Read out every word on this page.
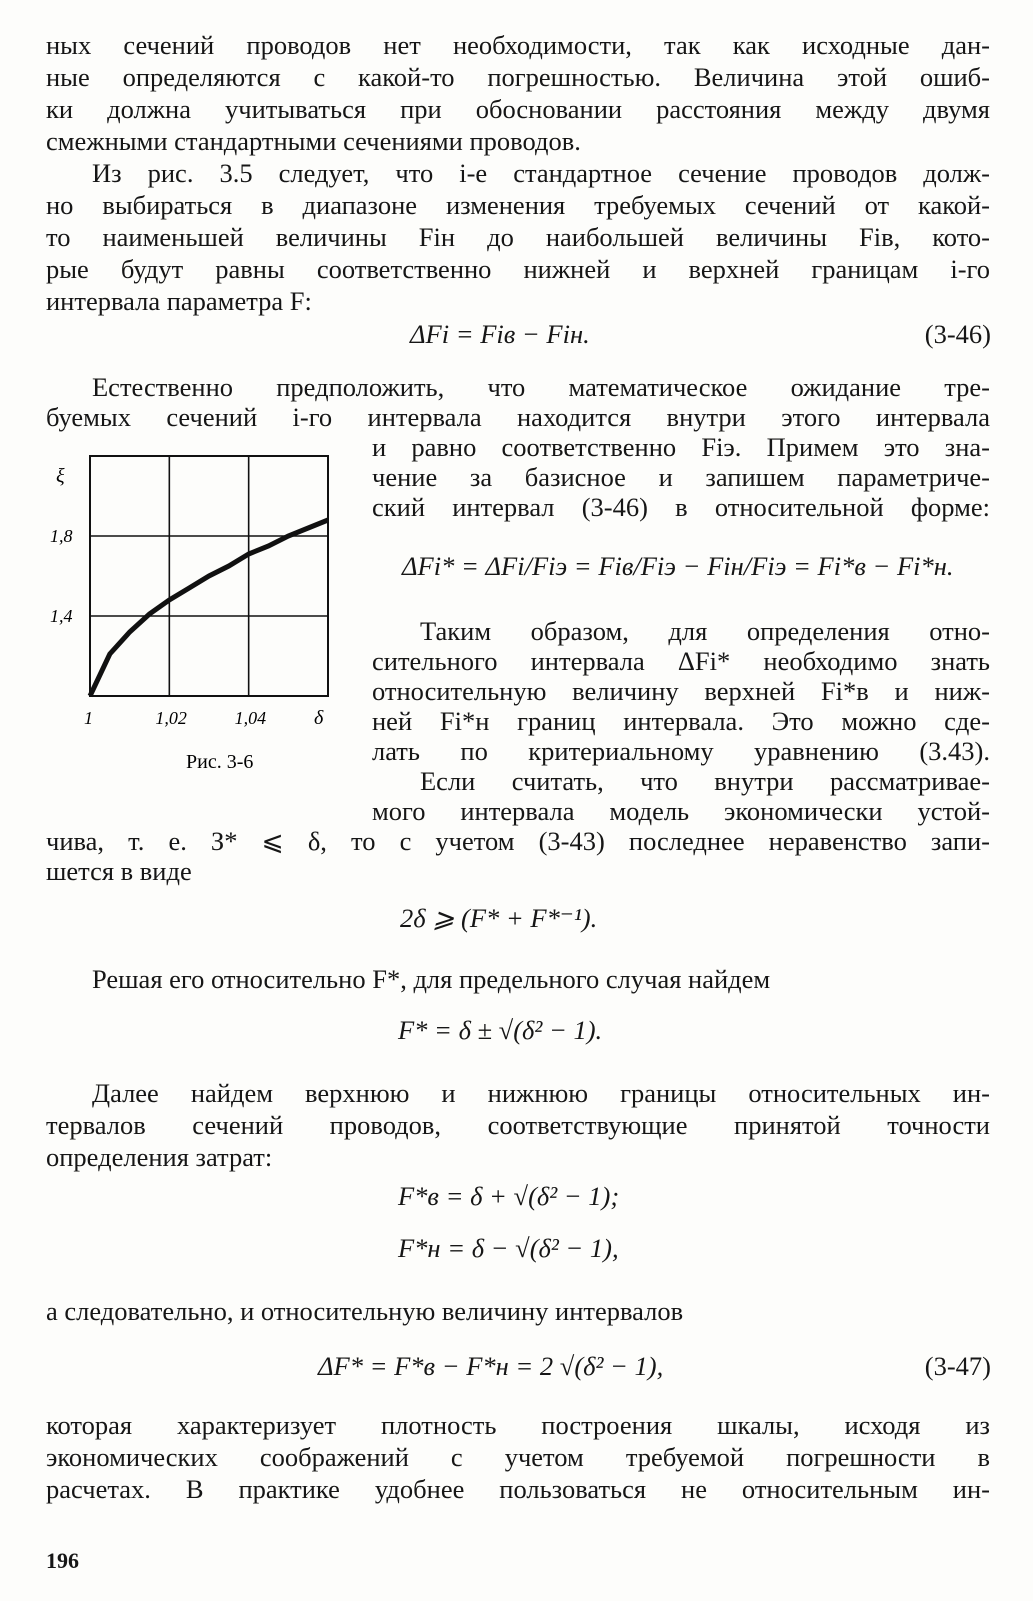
ных сечений проводов нет необходимости, так как исходные дан-
ные определяются с какой-то погрешностью. Величина этой ошиб-
ки должна учитываться при обосновании расстояния между двумя
смежными стандартными сечениями проводов.
Из рис. 3.5 следует, что i-е стандартное сечение проводов долж-
но выбираться в диапазоне изменения требуемых сечений от какой-
то наименьшей величины Fiн до наибольшей величины Fiв, кото-
рые будут равны соответственно нижней и верхней границам i-го
интервала параметра F:
ΔFi = Fiв − Fiн.	(3-46)
Естественно предположить, что математическое ожидание тре-
буемых сечений i-го интервала находится внутри этого интервала
и равно соответственно Fiэ. Примем это зна-
чение за базисное и запишем параметриче-
ский интервал (3-46) в относительной форме:
ΔFi* = ΔFi/Fiэ = Fiв/Fiэ − Fiн/Fiэ = Fi*в − Fi*н.
Таким образом, для определения отно-
сительного интервала ΔFi* необходимо знать
относительную величину верхней Fi*в и ниж-
ней Fi*н границ интервала. Это можно сде-
лать по критериальному уравнению (3.43).
Если считать, что внутри рассматривае-
мого интервала модель экономически устой-
чива, т. е. З* ⩽ δ, то с учетом (3-43) последнее неравенство запи-
шется в виде
2δ ⩾ (F* + F*⁻¹).
Решая его относительно F*, для предельного случая найдем
F* = δ ± √(δ² − 1).
Далее найдем верхнюю и нижнюю границы относительных ин-
тервалов сечений проводов, соответствующие принятой точности
определения затрат:
F*в = δ + √(δ² − 1);
F*н = δ − √(δ² − 1),
а следовательно, и относительную величину интервалов
ΔF* = F*в − F*н = 2 √(δ² − 1),	(3-47)
которая характеризует плотность построения шкалы, исходя из
экономических соображений с учетом требуемой погрешности в
расчетах. В практике удобнее пользоваться не относительным ин-
196
1	1,02	1,04
1,8
1,4
ξ
δ
Рис. 3-6
